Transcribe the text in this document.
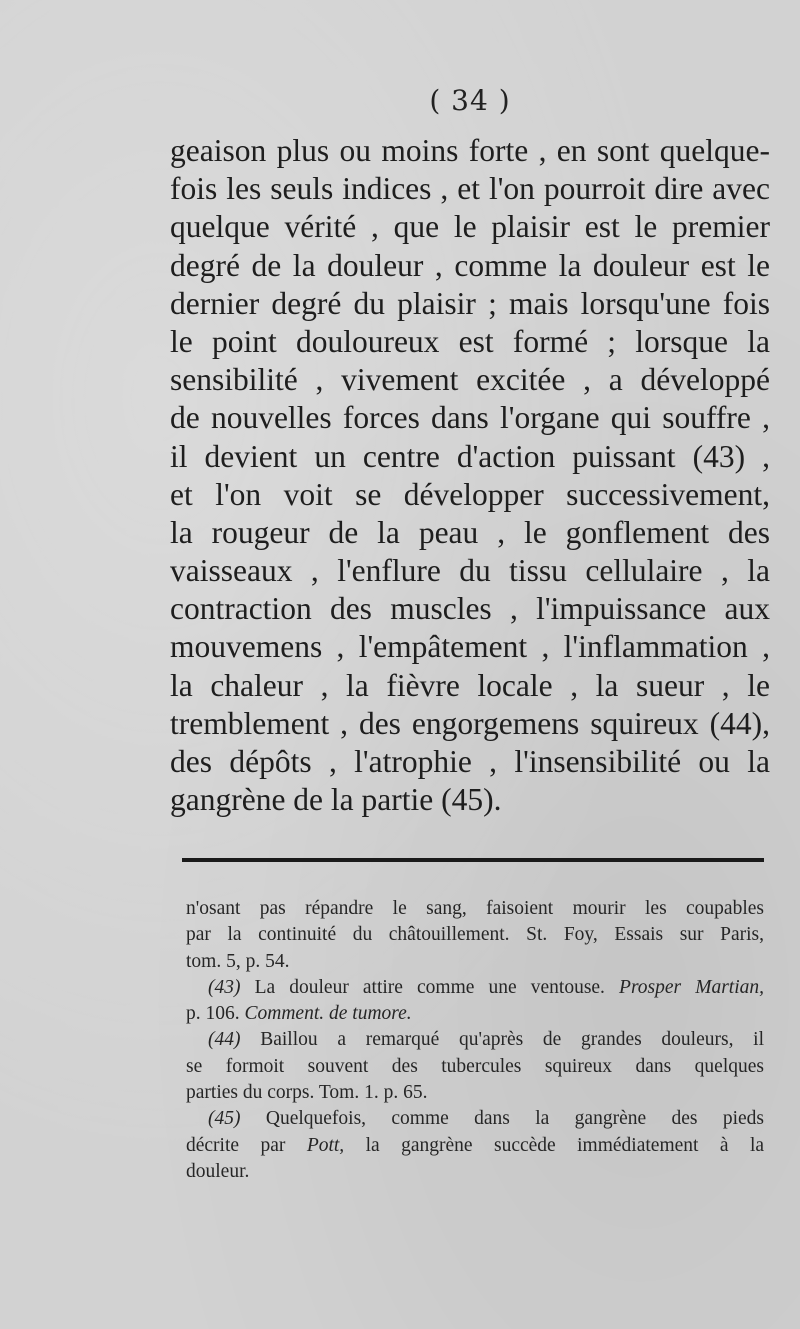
( 34 )
geaison plus ou moins forte , en sont quelque-
fois les seuls indices , et l'on pourroit dire avec
quelque vérité , que le plaisir est le premier
degré de la douleur , comme la douleur est le
dernier degré du plaisir ; mais lorsqu'une fois
le point douloureux est formé ; lorsque la
sensibilité , vivement excitée , a développé
de nouvelles forces dans l'organe qui souffre ,
il devient un centre d'action puissant (43) ,
et l'on voit se développer successivement,
la rougeur de la peau , le gonflement des
vaisseaux , l'enflure du tissu cellulaire , la
contraction des muscles , l'impuissance aux
mouvemens , l'empâtement , l'inflammation ,
la chaleur , la fièvre locale , la sueur , le
tremblement , des engorgemens squireux (44),
des dépôts , l'atrophie , l'insensibilité ou la
gangrène de la partie (45).
n'osant pas répandre le sang, faisoient mourir les coupables
par la continuité du châtouillement. St. Foy, Essais sur Paris,
tom. 5, p. 54.
(43) La douleur attire comme une ventouse. Prosper Martian,
p. 106. Comment. de tumore.
(44) Baillou a remarqué qu'après de grandes douleurs, il
se formoit souvent des tubercules squireux dans quelques
parties du corps. Tom. 1. p. 65.
(45) Quelquefois, comme dans la gangrène des pieds
décrite par Pott, la gangrène succède immédiatement à la
douleur.
